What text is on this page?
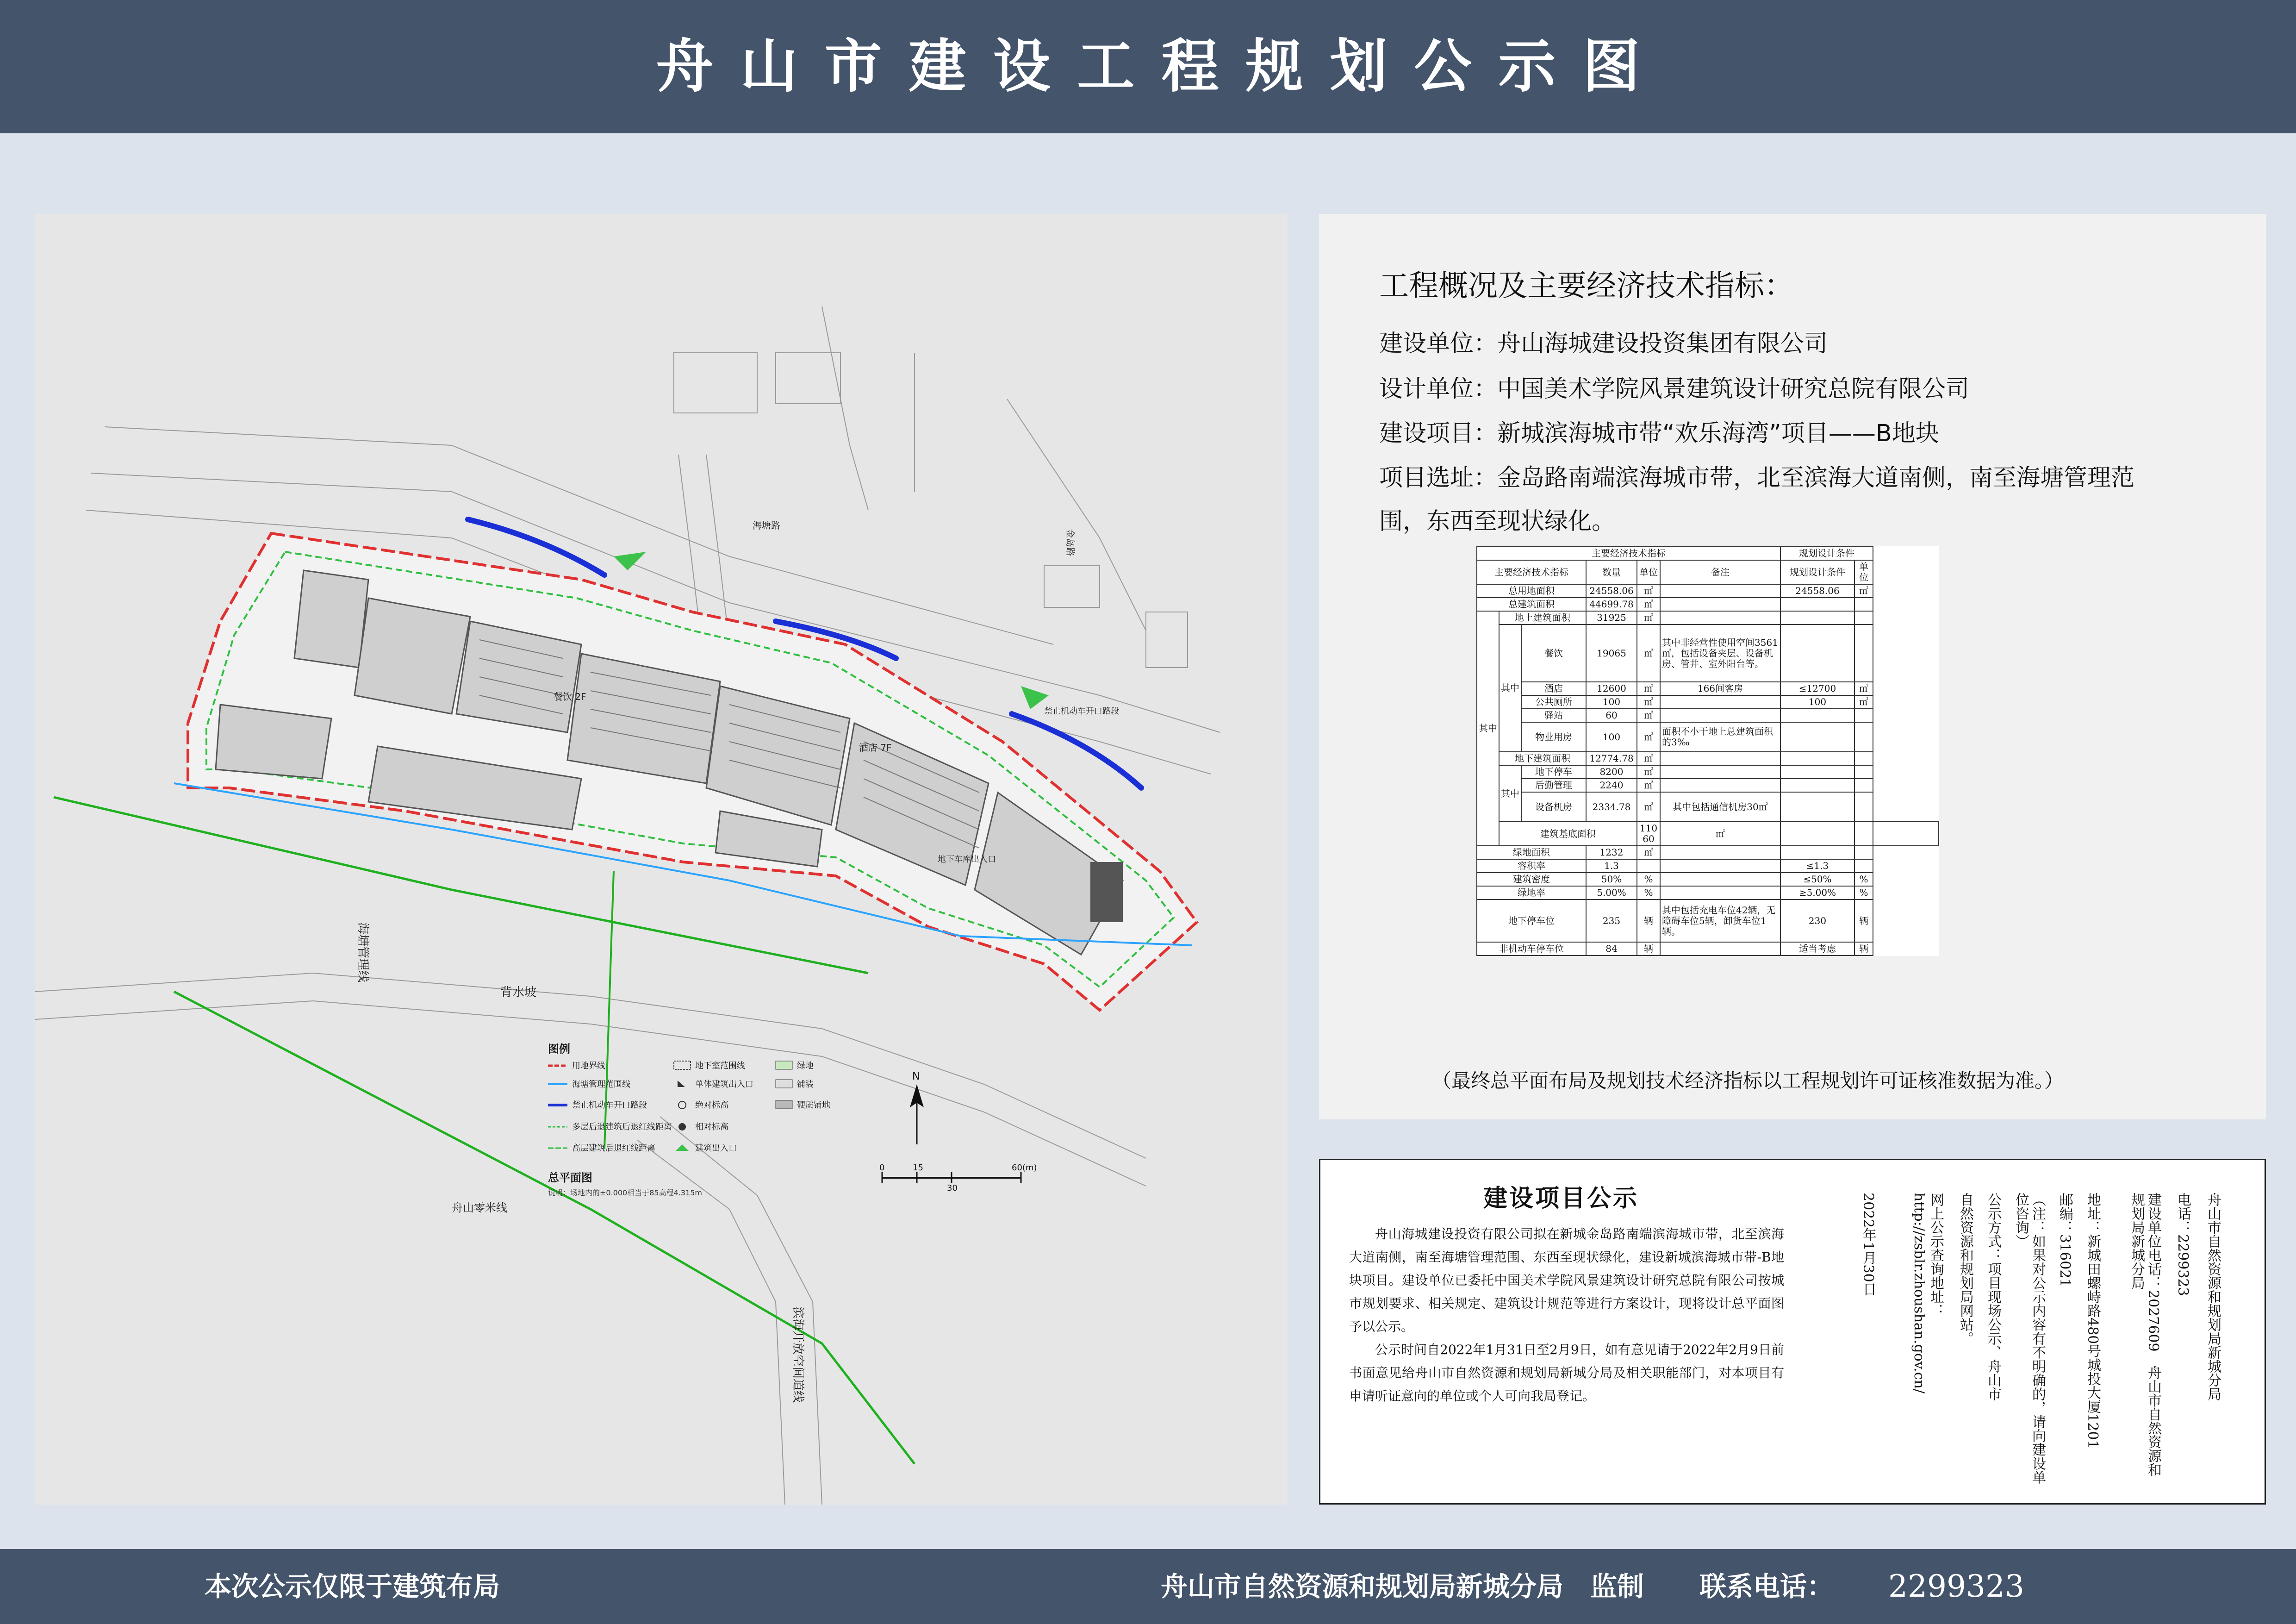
舟山市建设工程规划公示图
海塘管理线
滨海开放空间道线
背水坡
舟山零米线
海塘路
金岛路
酒店 7F
餐饮 2F
地下车库出入口
禁止机动车开口路段
图例
用地界线
海塘管理范围线
禁止机动车开口路段
多层后退建筑后退红线距离
高层建筑后退红线距离
地下室范围线
单体建筑出入口
绝对标高
相对标高
建筑出入口
绿地
铺装
硬质铺地
总平面图
说明：场地内的±0.000相当于85高程4.315m
N
0	15
30
60(m)
工程概况及主要经济技术指标：
建设单位：舟山海城建设投资集团有限公司
设计单位：中国美术学院风景建筑设计研究总院有限公司
建设项目：新城滨海城市带“欢乐海湾”项目——B地块
项目选址：金岛路南端滨海城市带，北至滨海大道南侧，南至海塘管理范
围，东西至现状绿化。
主要经济技术指标						规划设计条件		
主要经济技术指标			数量	单位	备注	规划设计条件	单位	
总用地面积			24558.06	㎡		24558.06	㎡	
总建筑面积			44699.78	㎡				
其中	地上建筑面积		31925	㎡				
	其中	餐饮	19065	㎡	其中非经营性使用空间3561㎡，包括设备夹层、设备机房、管井、室外阳台等。			
		酒店	12600	㎡	166间客房	≤12700	㎡	
		公共厕所	100	㎡		100	㎡	
		驿站	60	㎡				
		物业用房	100	㎡	面积不小于地上总建筑面积的3‰			
	地下建筑面积		12774.78	㎡				
	其中	地下停车	8200	㎡				
		后勤管理	2240	㎡				
		设备机房	2334.78	㎡	其中包括通信机房30㎡			
	建筑基底面积			11060	㎡			
绿地面积			1232	㎡				
容积率			1.3			≤1.3		
建筑密度			50%	%		≤50%	%	
绿地率			5.00%	%		≥5.00%	%	
地下停车位			235	辆	其中包括充电车位42辆，无障碍车位5辆，卸货车位1辆。	230	辆	
非机动车停车位			84	辆		适当考虑	辆	
（最终总平面布局及规划技术经济指标以工程规划许可证核准数据为准。）
建设项目公示

舟山海城建设投资有限公司拟在新城金岛路南端滨海城市带，北至滨海大道南侧，南至海塘管理范围、东西至现状绿化，建设新城滨海城市带-B地块项目。建设单位已委托中国美术学院风景建筑设计研究总院有限公司按城市规划要求、相关规定、建筑设计规范等进行方案设计，现将设计总平面图予以公示。

公示时间自2022年1月31日至2月9日，如有意见请于2022年2月9日前书面意见给舟山市自然资源和规划局新城分局及相关职能部门，对本项目有申请听证意向的单位或个人可向我局登记。

2022年1月30日	网上公示查询地址：http://zsblr.zhoushan.gov.cn/	自然资源和规划局网站。 公示方式：项目现场公示、舟山市	（注：如果对公示内容有不明确的，请向建设单位咨询）	邮编：316021 地址：新城田螺峙路480号城投大厦1201	建设单位电话：2027609　舟山市自然资源和规划局新城分局	电话：2299323 舟山市自然资源和规划局新城分局
本次公示仅限于建筑布局	舟山市自然资源和规划局新城分局　监制 联系电话： 2299323
